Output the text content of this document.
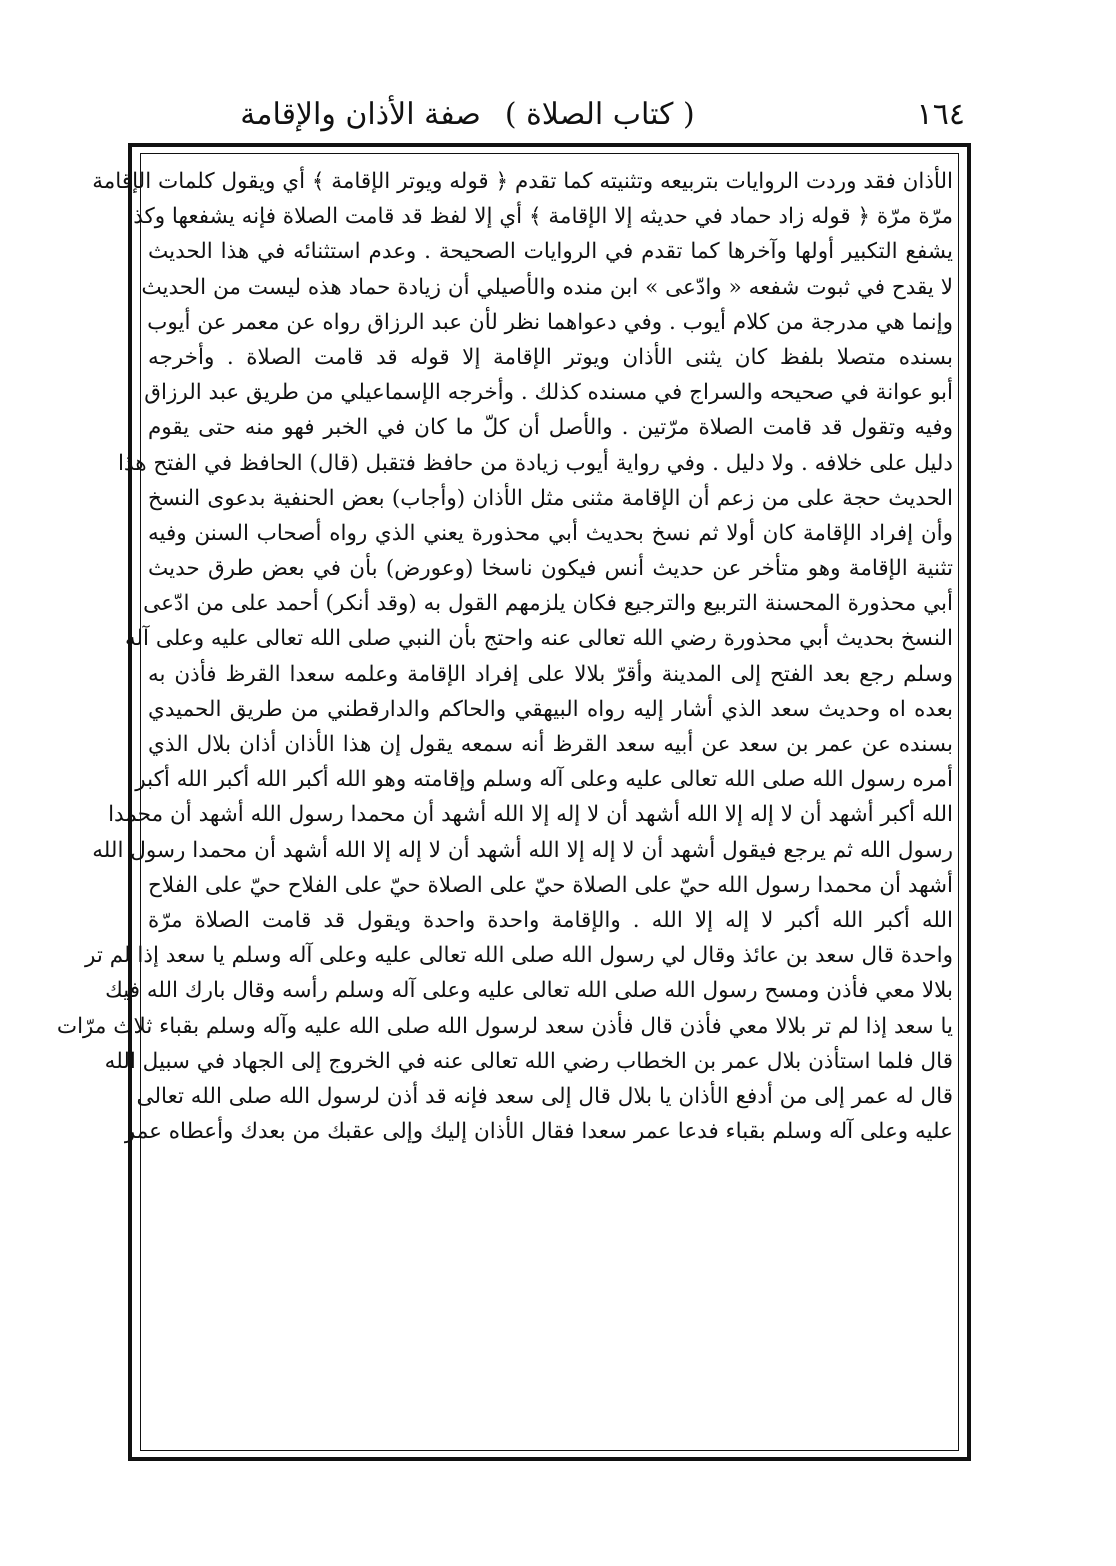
١٦٤
( كتاب الصلاة )صفة الأذان والإقامة
الأذان فقد وردت الروايات بتربيعه وتثنيته كما تقدم ﴿ قوله ويوتر الإقامة ﴾ أي ويقول كلمات الإقامة
مرّة مرّة ﴿ قوله زاد حماد في حديثه إلا الإقامة ﴾ أي إلا لفظ قد قامت الصلاة فإنه يشفعها وكذا
يشفع التكبير أولها وآخرها كما تقدم في الروايات الصحيحة . وعدم استثنائه في هذا الحديث
لا يقدح في ثبوت شفعه « وادّعى » ابن منده والأصيلي أن زيادة حماد هذه ليست من الحديث
وإنما هي مدرجة من كلام أيوب . وفي دعواهما نظر لأن عبد الرزاق رواه عن معمر عن أيوب
بسنده متصلا بلفظ كان يثنى الأذان ويوتر الإقامة إلا قوله قد قامت الصلاة . وأخرجه
أبو عوانة في صحيحه والسراج في مسنده كذلك . وأخرجه الإسماعيلي من طريق عبد الرزاق
وفيه وتقول قد قامت الصلاة مرّتين . والأصل أن كلّ ما كان في الخبر فهو منه حتى يقوم
دليل على خلافه . ولا دليل . وفي رواية أيوب زيادة من حافظ فتقبل (قال) الحافظ في الفتح هذا
الحديث حجة على من زعم أن الإقامة مثنى مثل الأذان (وأجاب) بعض الحنفية بدعوى النسخ
وأن إفراد الإقامة كان أولا ثم نسخ بحديث أبي محذورة يعني الذي رواه أصحاب السنن وفيه
تثنية الإقامة وهو متأخر عن حديث أنس فيكون ناسخا (وعورض) بأن في بعض طرق حديث
أبي محذورة المحسنة التربيع والترجيع فكان يلزمهم القول به (وقد أنكر) أحمد على من ادّعى
النسخ بحديث أبي محذورة رضي الله تعالى عنه واحتج بأن النبي صلى الله تعالى عليه وعلى آله
وسلم رجع بعد الفتح إلى المدينة وأقرّ بلالا على إفراد الإقامة وعلمه سعدا القرظ فأذن به
بعده اه وحديث سعد الذي أشار إليه رواه البيهقي والحاكم والدارقطني من طريق الحميدي
بسنده عن عمر بن سعد عن أبيه سعد القرظ أنه سمعه يقول إن هذا الأذان أذان بلال الذي
أمره رسول الله صلى الله تعالى عليه وعلى آله وسلم وإقامته وهو الله أكبر الله أكبر الله أكبر
الله أكبر أشهد أن لا إله إلا الله أشهد أن لا إله إلا الله أشهد أن محمدا رسول الله أشهد أن محمدا
رسول الله ثم يرجع فيقول أشهد أن لا إله إلا الله أشهد أن لا إله إلا الله أشهد أن محمدا رسول الله
أشهد أن محمدا رسول الله حيّ على الصلاة حيّ على الصلاة حيّ على الفلاح حيّ على الفلاح
الله أكبر الله أكبر لا إله إلا الله . والإقامة واحدة واحدة ويقول قد قامت الصلاة مرّة
واحدة قال سعد بن عائذ وقال لي رسول الله صلى الله تعالى عليه وعلى آله وسلم يا سعد إذا لم تر
بلالا معي فأذن ومسح رسول الله صلى الله تعالى عليه وعلى آله وسلم رأسه وقال بارك الله فيك
يا سعد إذا لم تر بلالا معي فأذن قال فأذن سعد لرسول الله صلى الله عليه وآله وسلم بقباء ثلاث مرّات
قال فلما استأذن بلال عمر بن الخطاب رضي الله تعالى عنه في الخروج إلى الجهاد في سبيل الله
قال له عمر إلى من أدفع الأذان يا بلال قال إلى سعد فإنه قد أذن لرسول الله صلى الله تعالى
عليه وعلى آله وسلم بقباء فدعا عمر سعدا فقال الأذان إليك وإلى عقبك من بعدك وأعطاه عمر
